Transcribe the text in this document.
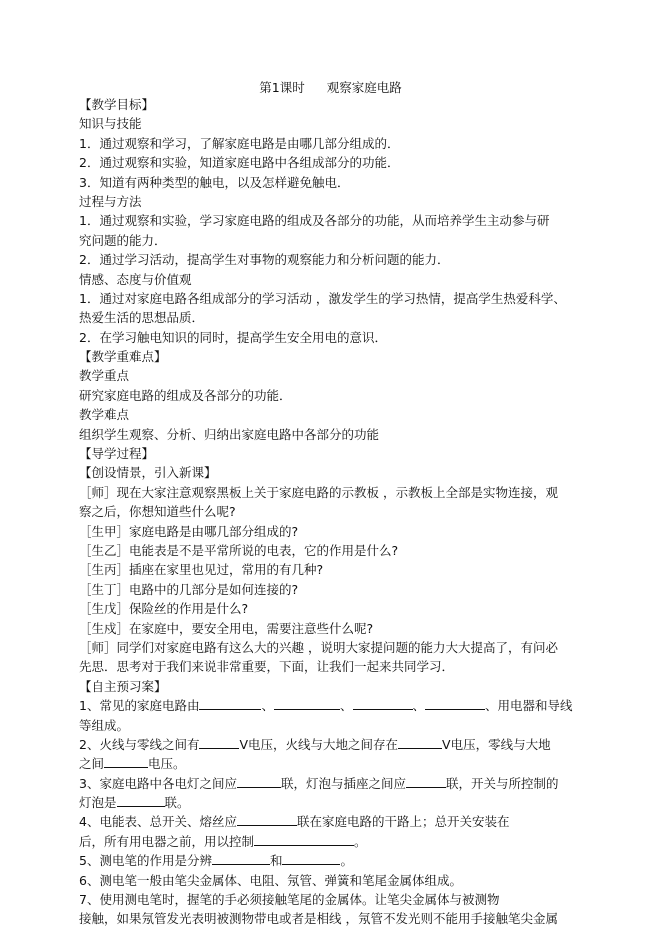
第1课时 观察家庭电路
【教学目标】
知识与技能
1．通过观察和学习，了解家庭电路是由哪几部分组成的．
2．通过观察和实验，知道家庭电路中各组成部分的功能．
3．知道有两种类型的触电，以及怎样避免触电．
过程与方法
1．通过观察和实验，学习家庭电路的组成及各部分的功能，从而培养学生主动参与研
究问题的能力．
2．通过学习活动，提高学生对事物的观察能力和分析问题的能力．
情感、态度与价值观
1．通过对家庭电路各组成部分的学习活动 ，激发学生的学习热情，提高学生热爱科学、
热爱生活的思想品质．
2．在学习触电知识的同时，提高学生安全用电的意识．
【教学重难点】
教学重点
研究家庭电路的组成及各部分的功能．
教学难点
组织学生观察、分析、归纳出家庭电路中各部分的功能
【导学过程】
【创设情景，引入新课】
［师］现在大家注意观察黑板上关于家庭电路的示教板 ，示教板上全部是实物连接，观
察之后，你想知道些什么呢?
［生甲］家庭电路是由哪几部分组成的?
［生乙］电能表是不是平常所说的电表，它的作用是什么?
［生丙］插座在家里也见过，常用的有几种?
［生丁］电路中的几部分是如何连接的?
［生戊］保险丝的作用是什么?
［生戍］在家庭中，要安全用电，需要注意些什么呢?
［师］同学们对家庭电路有这么大的兴趣 ，说明大家提问题的能力大大提高了，有问必
先思．思考对于我们来说非常重要，下面，让我们一起来共同学习．
【自主预习案】
1、常见的家庭电路由	、	、	、	、用电器和导线
等组成。
2、火线与零线之间有	V电压，火线与大地之间存在	V电压，零线与大地
之间	电压。
3、家庭电路中各电灯之间应	联，灯泡与插座之间应	联，开关与所控制的
灯泡是	联。
4、电能表、总开关、熔丝应	联在家庭电路的干路上；总开关安装在
后，所有用电器之前，用以控制	。
5、测电笔的作用是分辨	和	。
6、测电笔一般由笔尖金属体、电阻、氖管、弹簧和笔尾金属体组成。
7、使用测电笔时，握笔的手必须接触笔尾的金属体。让笔尖金属体与被测物
接触，如果氖管发光表明被测物带电或者是相线 ，氖管不发光则不能用手接触笔尖金属
